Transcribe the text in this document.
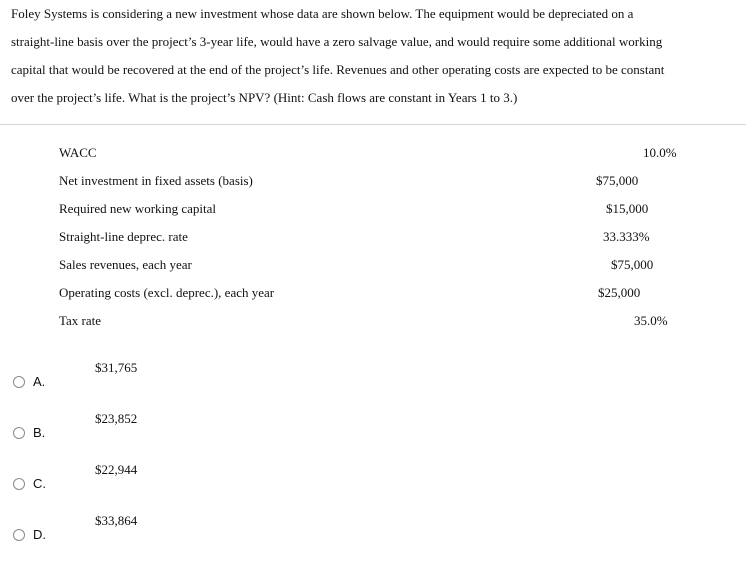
Foley Systems is considering a new investment whose data are shown below. The equipment would be depreciated on a
straight-line basis over the project’s 3-year life, would have a zero salvage value, and would require some additional working
capital that would be recovered at the end of the project’s life. Revenues and other operating costs are expected to be constant
over the project’s life. What is the project’s NPV? (Hint: Cash flows are constant in Years 1 to 3.)
WACC	10.0%
Net investment in fixed assets (basis)	$75,000
Required new working capital	$15,000
Straight-line deprec. rate	33.333%
Sales revenues, each year	$75,000
Operating costs (excl. deprec.), each year	$25,000
Tax rate	35.0%
$31,765
A.
$23,852
B.
$22,944
C.
$33,864
D.
